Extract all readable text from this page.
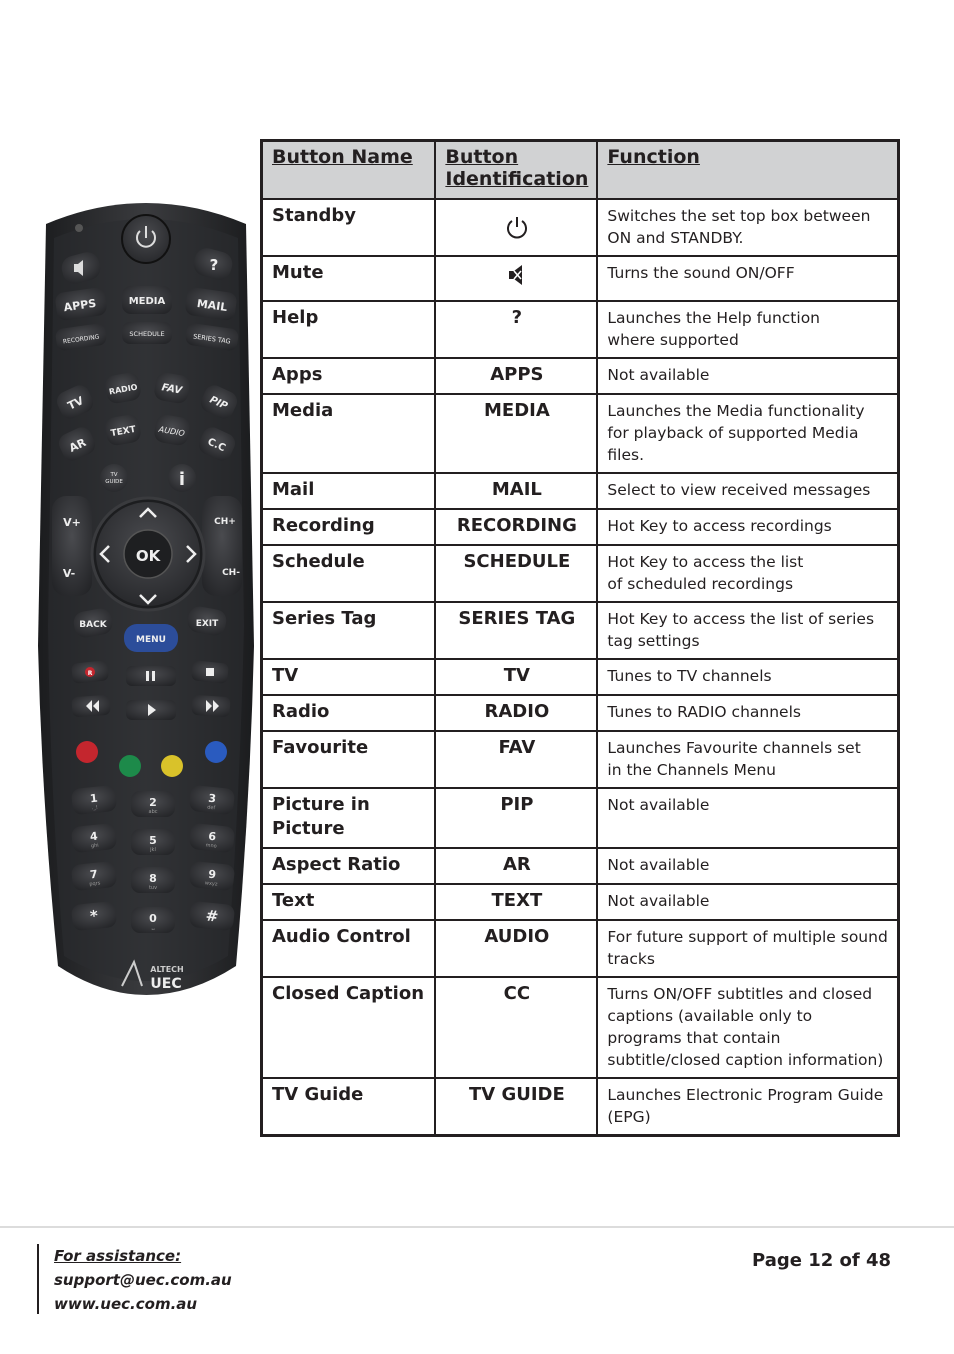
?
APPS	MEDIA	MAIL
RECORDING	SCHEDULE	SERIES TAG
TV
RADIO FAV
PIP
AR
TEXT	AUDIO
C.C
TV
GUIDE	i
V+
V-
CH+
CH-
OK
BACK	EXIT
MENU
R
1
._!	2
abc
3
def
4
ghi	5
jkl
6
mno
7
pqrs	8
tuv
9
wxyz
*	0
␣
#
ALTECH
UEC
Button Name	Button Identification	Function
Standby		Switches the set top box between ON and STANDBY.
Mute		Turns the sound ON/OFF
Help	?	Launches the Help function
where supported
Apps	APPS	Not available
Media	MEDIA	Launches the Media functionality
for playback of supported Media files.
Mail	MAIL	Select to view received messages
Recording	RECORDING	Hot Key to access recordings
Schedule	SCHEDULE	Hot Key to access the list
of scheduled recordings
Series Tag	SERIES TAG	Hot Key to access the list of series tag settings
TV	TV	Tunes to TV channels
Radio	RADIO	Tunes to RADIO channels
Favourite	FAV	Launches Favourite channels set
in the Channels Menu
Picture in Picture	PIP	Not available
Aspect Ratio	AR	Not available
Text	TEXT	Not available
Audio Control	AUDIO	For future support of multiple sound tracks
Closed Caption	CC	Turns ON/OFF subtitles and closed captions (available only to programs that contain subtitle/closed caption information)
TV Guide	TV GUIDE	Launches Electronic Program Guide (EPG)
For assistance:
support@uec.com.au
www.uec.com.au
Page 12 of 48
